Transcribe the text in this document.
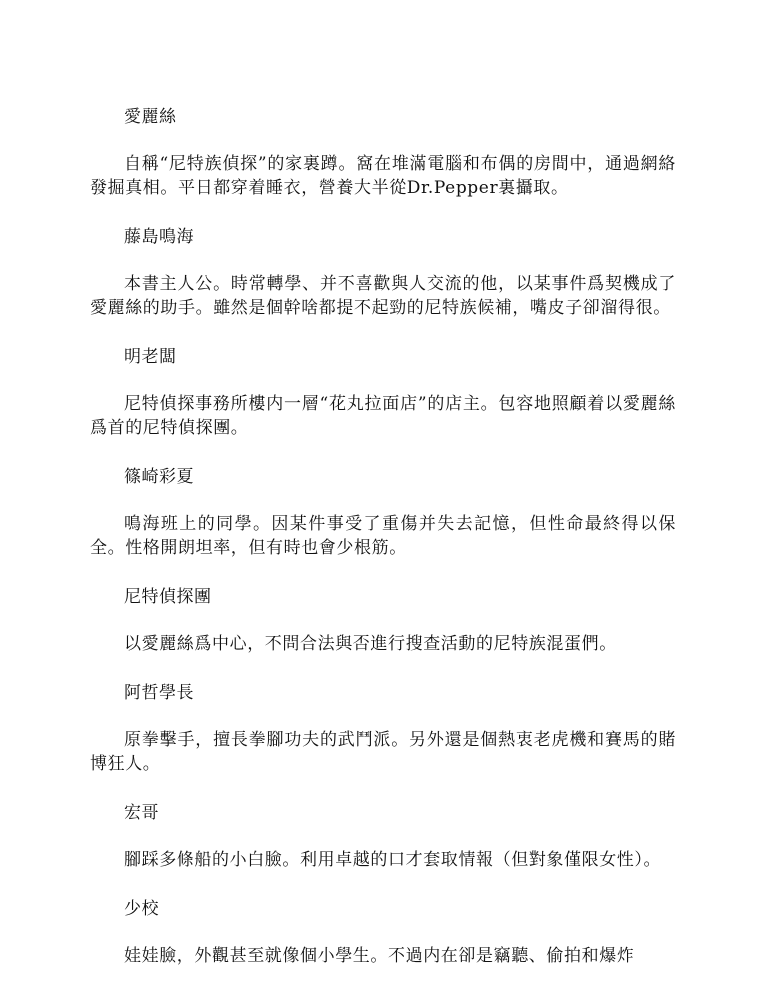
愛麗絲

自稱“尼特族偵探”的家裏蹲。窩在堆滿電腦和布偶的房間中，通過網絡發掘真相。平日都穿着睡衣，營養大半從Dr.Pepper裏攝取。

藤島鳴海

本書主人公。時常轉學、并不喜歡與人交流的他，以某事件爲契機成了愛麗絲的助手。雖然是個幹啥都提不起勁的尼特族候補，嘴皮子卻溜得很。

明老闆

尼特偵探事務所樓内一層“花丸拉面店”的店主。包容地照顧着以愛麗絲爲首的尼特偵探團。

篠崎彩夏

鳴海班上的同學。因某件事受了重傷并失去記憶，但性命最終得以保全。性格開朗坦率，但有時也會少根筋。

尼特偵探團

以愛麗絲爲中心，不問合法與否進行搜查活動的尼特族混蛋們。

阿哲學長

原拳擊手，擅長拳腳功夫的武鬥派。另外還是個熱衷老虎機和賽馬的賭博狂人。

宏哥

腳踩多條船的小白臉。利用卓越的口才套取情報（但對象僅限女性）。

少校

娃娃臉，外觀甚至就像個小學生。不過内在卻是竊聽、偷拍和爆炸
